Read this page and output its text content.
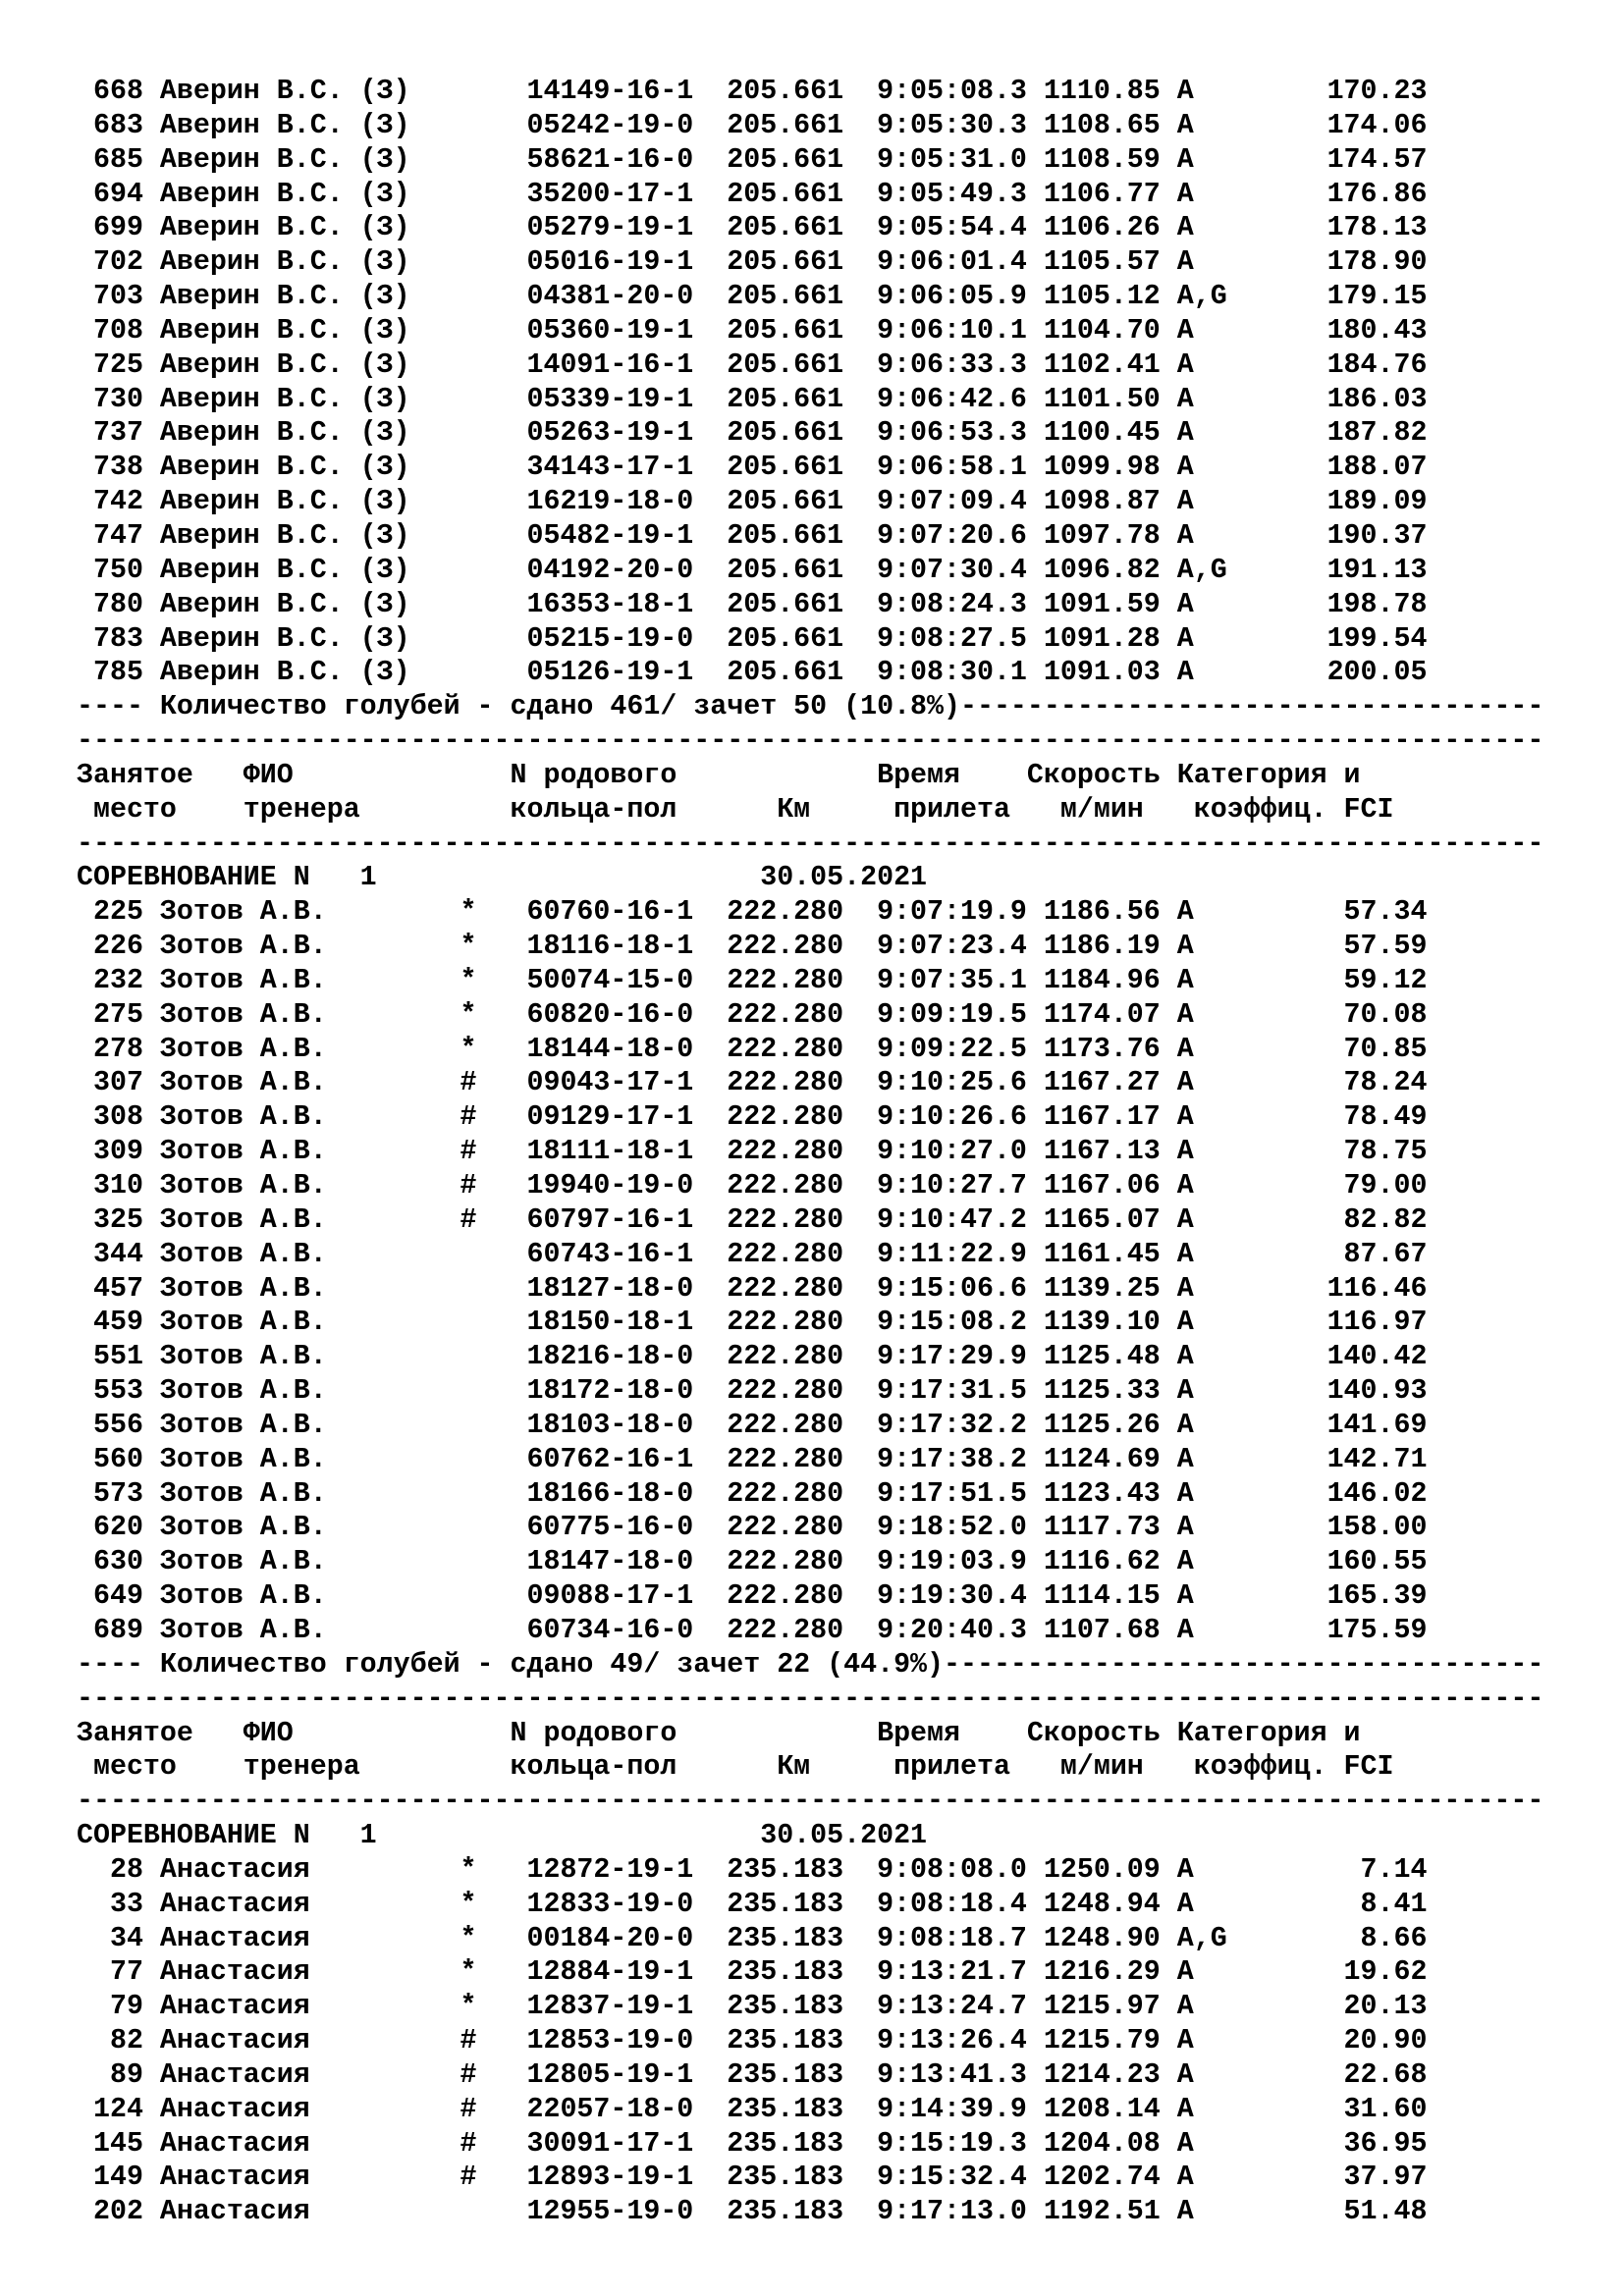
668 Аверин В.С. (З)       14149-16-1  205.661  9:05:08.3 1110.85 A        170.23
683 Аверин В.С. (З)       05242-19-0  205.661  9:05:30.3 1108.65 A        174.06
685 Аверин В.С. (З)       58621-16-0  205.661  9:05:31.0 1108.59 A        174.57
694 Аверин В.С. (З)       35200-17-1  205.661  9:05:49.3 1106.77 A        176.86
699 Аверин В.С. (З)       05279-19-1  205.661  9:05:54.4 1106.26 A        178.13
702 Аверин В.С. (З)       05016-19-1  205.661  9:06:01.4 1105.57 A        178.90
703 Аверин В.С. (З)       04381-20-0  205.661  9:06:05.9 1105.12 A,G      179.15
708 Аверин В.С. (З)       05360-19-1  205.661  9:06:10.1 1104.70 A        180.43
725 Аверин В.С. (З)       14091-16-1  205.661  9:06:33.3 1102.41 A        184.76
730 Аверин В.С. (З)       05339-19-1  205.661  9:06:42.6 1101.50 A        186.03
737 Аверин В.С. (З)       05263-19-1  205.661  9:06:53.3 1100.45 A        187.82
738 Аверин В.С. (З)       34143-17-1  205.661  9:06:58.1 1099.98 A        188.07
742 Аверин В.С. (З)       16219-18-0  205.661  9:07:09.4 1098.87 A        189.09
747 Аверин В.С. (З)       05482-19-1  205.661  9:07:20.6 1097.78 A        190.37
750 Аверин В.С. (З)       04192-20-0  205.661  9:07:30.4 1096.82 A,G      191.13
780 Аверин В.С. (З)       16353-18-1  205.661  9:08:24.3 1091.59 A        198.78
783 Аверин В.С. (З)       05215-19-0  205.661  9:08:27.5 1091.28 A        199.54
785 Аверин В.С. (З)       05126-19-1  205.661  9:08:30.1 1091.03 A        200.05
---- Количество голубей - сдано 461/ зачет 50 (10.8%)-----------------------------------
----------------------------------------------------------------------------------------
Занятое   ФИО             N родового            Время    Скорость Категория и
место    тренера         кольца-пол      Км     прилета   м/мин   коэффиц. FCI
----------------------------------------------------------------------------------------
СОРЕВНОВАНИЕ N   1                       30.05.2021
225 Зотов А.В.        *   60760-16-1  222.280  9:07:19.9 1186.56 A         57.34
226 Зотов А.В.        *   18116-18-1  222.280  9:07:23.4 1186.19 A         57.59
232 Зотов А.В.        *   50074-15-0  222.280  9:07:35.1 1184.96 A         59.12
275 Зотов А.В.        *   60820-16-0  222.280  9:09:19.5 1174.07 A         70.08
278 Зотов А.В.        *   18144-18-0  222.280  9:09:22.5 1173.76 A         70.85
307 Зотов А.В.        #   09043-17-1  222.280  9:10:25.6 1167.27 A         78.24
308 Зотов А.В.        #   09129-17-1  222.280  9:10:26.6 1167.17 A         78.49
309 Зотов А.В.        #   18111-18-1  222.280  9:10:27.0 1167.13 A         78.75
310 Зотов А.В.        #   19940-19-0  222.280  9:10:27.7 1167.06 A         79.00
325 Зотов А.В.        #   60797-16-1  222.280  9:10:47.2 1165.07 A         82.82
344 Зотов А.В.            60743-16-1  222.280  9:11:22.9 1161.45 A         87.67
457 Зотов А.В.            18127-18-0  222.280  9:15:06.6 1139.25 A        116.46
459 Зотов А.В.            18150-18-1  222.280  9:15:08.2 1139.10 A        116.97
551 Зотов А.В.            18216-18-0  222.280  9:17:29.9 1125.48 A        140.42
553 Зотов А.В.            18172-18-0  222.280  9:17:31.5 1125.33 A        140.93
556 Зотов А.В.            18103-18-0  222.280  9:17:32.2 1125.26 A        141.69
560 Зотов А.В.            60762-16-1  222.280  9:17:38.2 1124.69 A        142.71
573 Зотов А.В.            18166-18-0  222.280  9:17:51.5 1123.43 A        146.02
620 Зотов А.В.            60775-16-0  222.280  9:18:52.0 1117.73 A        158.00
630 Зотов А.В.            18147-18-0  222.280  9:19:03.9 1116.62 A        160.55
649 Зотов А.В.            09088-17-1  222.280  9:19:30.4 1114.15 A        165.39
689 Зотов А.В.            60734-16-0  222.280  9:20:40.3 1107.68 A        175.59
---- Количество голубей - сдано 49/ зачет 22 (44.9%)------------------------------------
----------------------------------------------------------------------------------------
Занятое   ФИО             N родового            Время    Скорость Категория и
место    тренера         кольца-пол      Км     прилета   м/мин   коэффиц. FCI
----------------------------------------------------------------------------------------
СОРЕВНОВАНИЕ N   1                       30.05.2021
28 Анастасия         *   12872-19-1  235.183  9:08:08.0 1250.09 A          7.14
33 Анастасия         *   12833-19-0  235.183  9:08:18.4 1248.94 A          8.41
34 Анастасия         *   00184-20-0  235.183  9:08:18.7 1248.90 A,G        8.66
77 Анастасия         *   12884-19-1  235.183  9:13:21.7 1216.29 A         19.62
79 Анастасия         *   12837-19-1  235.183  9:13:24.7 1215.97 A         20.13
82 Анастасия         #   12853-19-0  235.183  9:13:26.4 1215.79 A         20.90
89 Анастасия         #   12805-19-1  235.183  9:13:41.3 1214.23 A         22.68
124 Анастасия         #   22057-18-0  235.183  9:14:39.9 1208.14 A         31.60
145 Анастасия         #   30091-17-1  235.183  9:15:19.3 1204.08 A         36.95
149 Анастасия         #   12893-19-1  235.183  9:15:32.4 1202.74 A         37.97
202 Анастасия             12955-19-0  235.183  9:17:13.0 1192.51 A         51.48
